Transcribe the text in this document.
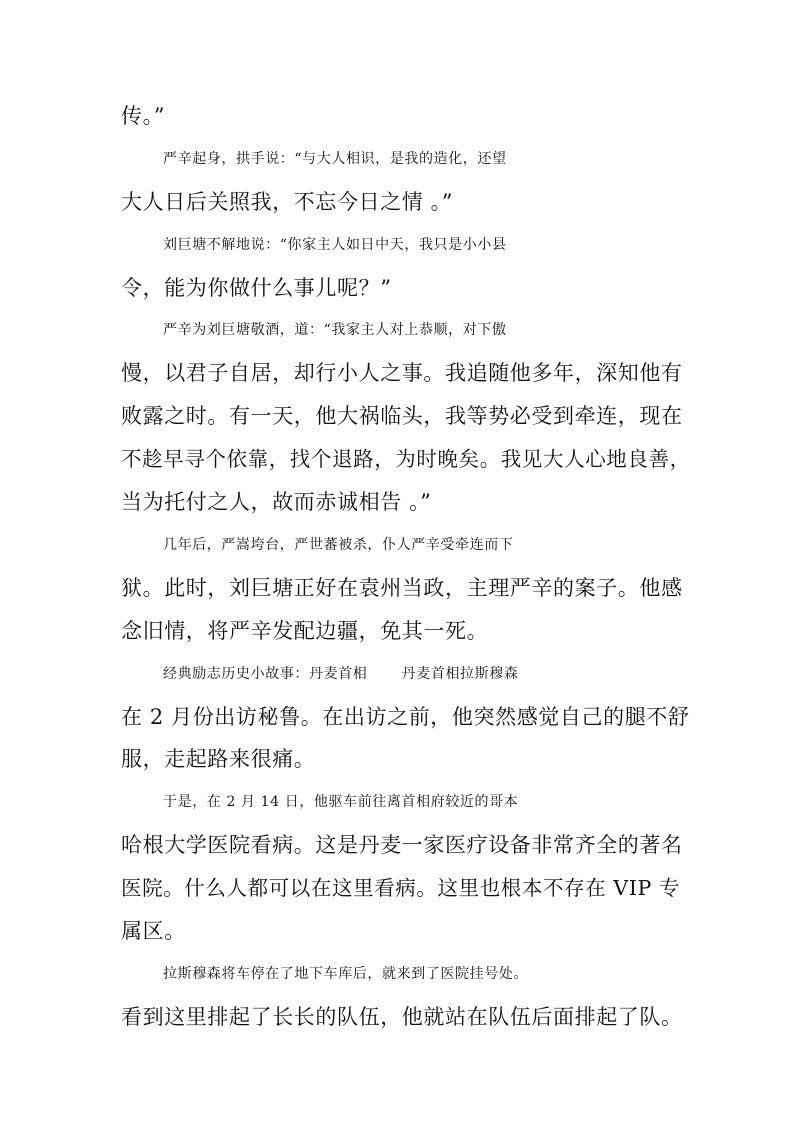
传。”
严辛起身，拱手说：“与大人相识，是我的造化，还望
大人日后关照我，不忘今日之情 。”
刘巨塘不解地说：“你家主人如日中天，我只是小小县
令，能为你做什么事儿呢？”
严辛为刘巨塘敬酒，道：“我家主人对上恭顺，对下傲
慢，以君子自居，却行小人之事。我追随他多年，深知他有
败露之时。有一天，他大祸临头，我等势必受到牵连，现在
不趁早寻个依靠，找个退路，为时晚矣。我见大人心地良善，
当为托付之人，故而赤诚相告 。”
几年后，严嵩垮台，严世蕃被杀，仆人严辛受牵连而下
狱。此时，刘巨塘正好在袁州当政，主理严辛的案子。他感
念旧情，将严辛发配边疆，免其一死。
经典励志历史小故事：丹麦首相 　　丹麦首相拉斯穆森
在 2 月份出访秘鲁。在出访之前，他突然感觉自己的腿不舒
服，走起路来很痛。
于是，在 2 月 14 日，他驱车前往离首相府较近的哥本
哈根大学医院看病。这是丹麦一家医疗设备非常齐全的著名
医院。什么人都可以在这里看病。这里也根本不存在 VIP 专
属区。
拉斯穆森将车停在了地下车库后，就来到了医院挂号处。
看到这里排起了长长的队伍，他就站在队伍后面排起了队。
